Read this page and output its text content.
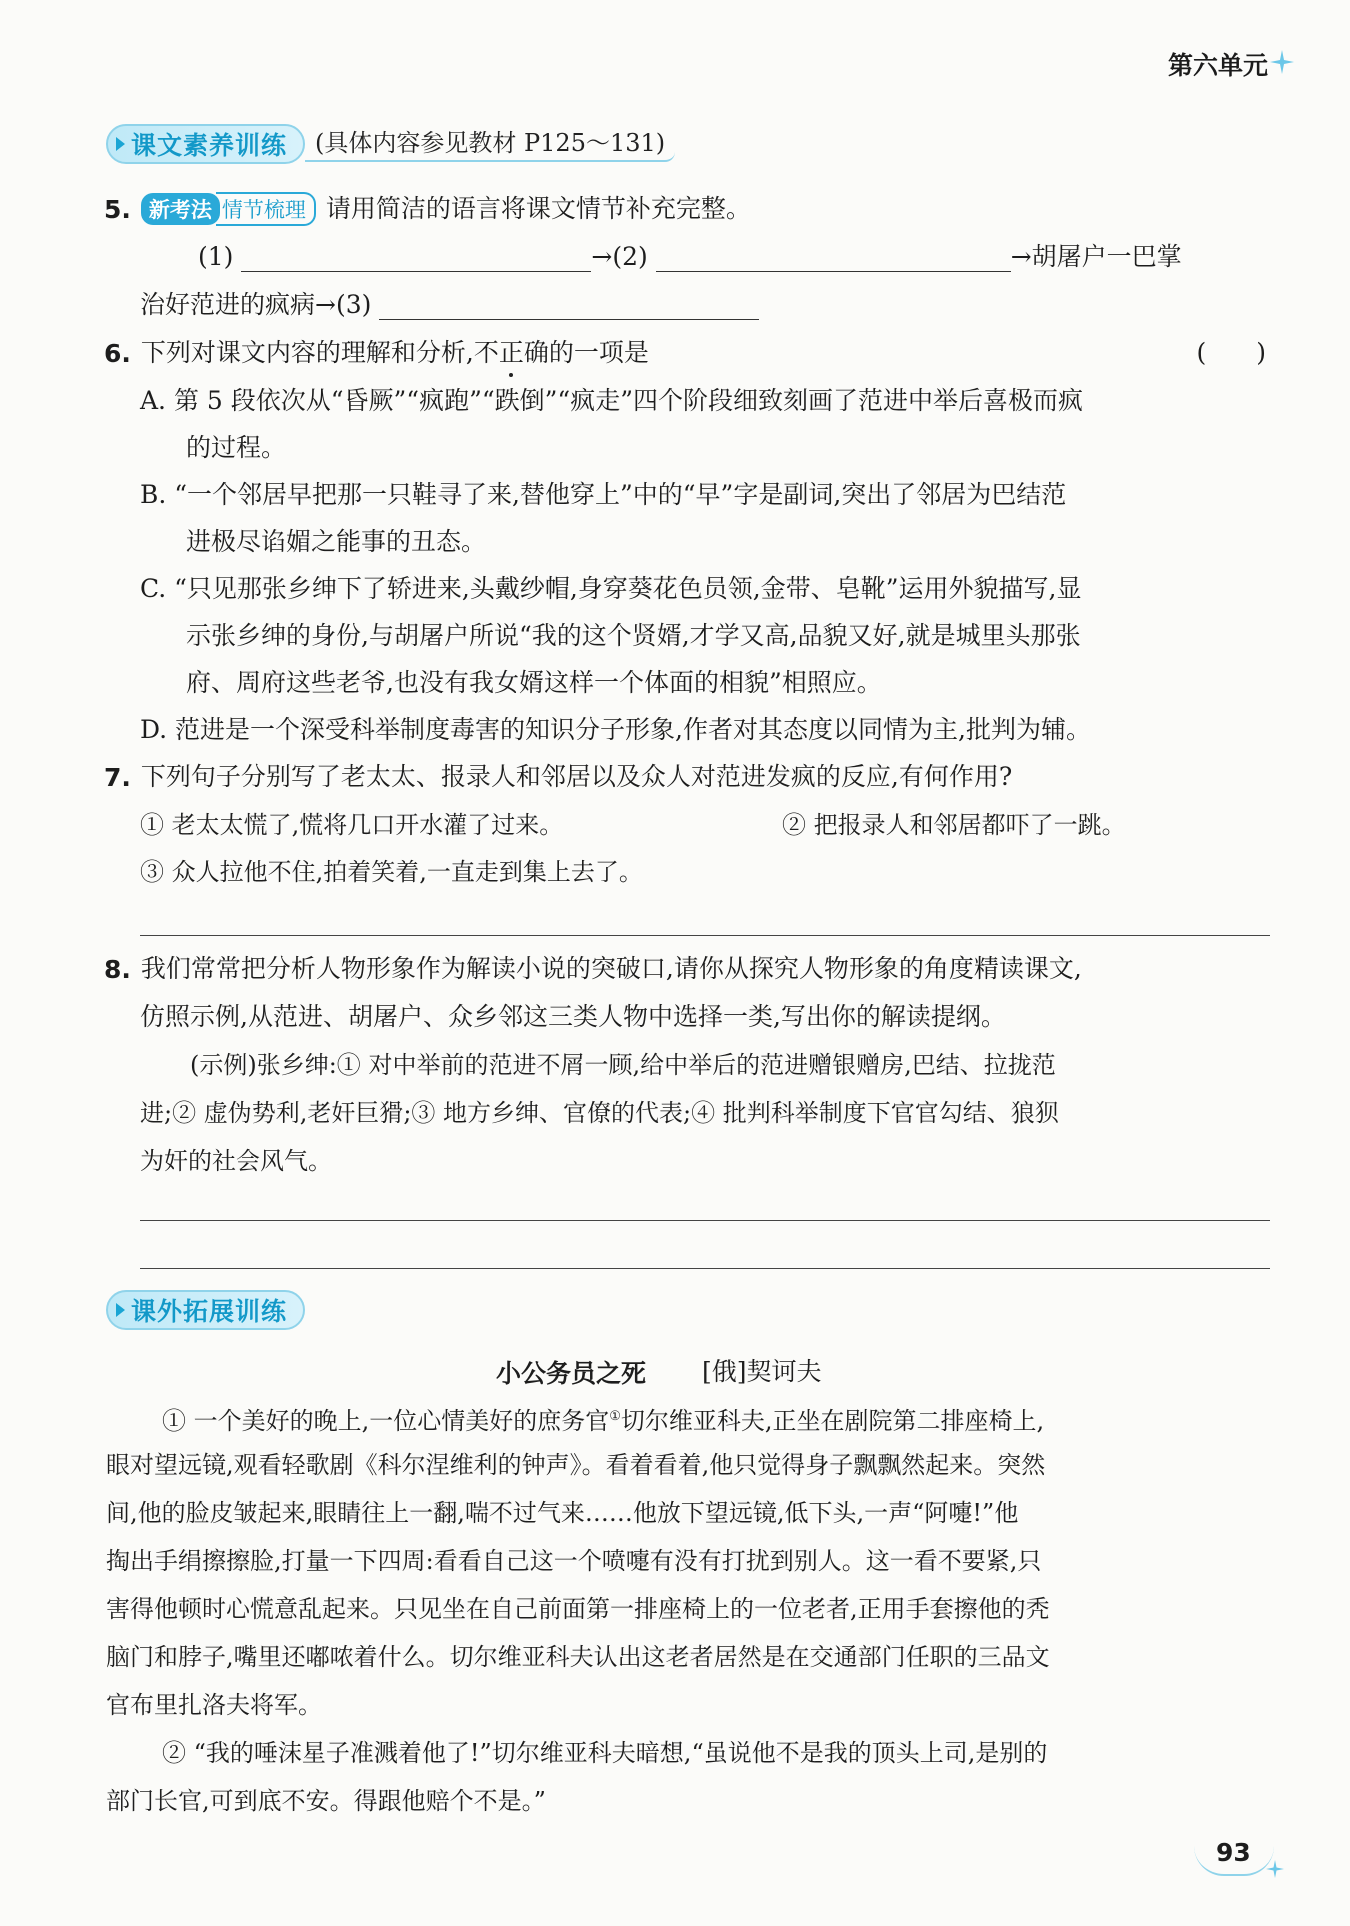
第六单元
课文素养训练	(具体内容参见教材 P125～131)
5. 新考法 情节梳理 请用简洁的语言将课文情节补充完整。
(1)	→(2)	→胡屠户一巴掌
治好范进的疯病→(3)
6. 下列对课文内容的理解和分析,不正确的一项是	(　　)
A. 第 5 段依次从“昏厥”“疯跑”“跌倒”“疯走”四个阶段细致刻画了范进中举后喜极而疯
的过程。
B. “一个邻居早把那一只鞋寻了来,替他穿上”中的“早”字是副词,突出了邻居为巴结范
进极尽谄媚之能事的丑态。
C. “只见那张乡绅下了轿进来,头戴纱帽,身穿葵花色员领,金带、皂靴”运用外貌描写,显
示张乡绅的身份,与胡屠户所说“我的这个贤婿,才学又高,品貌又好,就是城里头那张
府、周府这些老爷,也没有我女婿这样一个体面的相貌”相照应。
D. 范进是一个深受科举制度毒害的知识分子形象,作者对其态度以同情为主,批判为辅。
7. 下列句子分别写了老太太、报录人和邻居以及众人对范进发疯的反应,有何作用?
① 老太太慌了,慌将几口开水灌了过来。	② 把报录人和邻居都吓了一跳。
③ 众人拉他不住,拍着笑着,一直走到集上去了。
8. 我们常常把分析人物形象作为解读小说的突破口,请你从探究人物形象的角度精读课文,
仿照示例,从范进、胡屠户、众乡邻这三类人物中选择一类,写出你的解读提纲。
(示例)张乡绅:① 对中举前的范进不屑一顾,给中举后的范进赠银赠房,巴结、拉拢范
进;② 虚伪势利,老奸巨猾;③ 地方乡绅、官僚的代表;④ 批判科举制度下官官勾结、狼狈
为奸的社会风气。
课外拓展训练
小公务员之死 [俄]契诃夫
① 一个美好的晚上,一位心情美好的庶务官①切尔维亚科夫,正坐在剧院第二排座椅上,
眼对望远镜,观看轻歌剧《科尔涅维利的钟声》。看着看着,他只觉得身子飘飘然起来。突然
间,他的脸皮皱起来,眼睛往上一翻,喘不过气来……他放下望远镜,低下头,一声“阿嚏!”他
掏出手绢擦擦脸,打量一下四周:看看自己这一个喷嚏有没有打扰到别人。这一看不要紧,只
害得他顿时心慌意乱起来。只见坐在自己前面第一排座椅上的一位老者,正用手套擦他的秃
脑门和脖子,嘴里还嘟哝着什么。切尔维亚科夫认出这老者居然是在交通部门任职的三品文
官布里扎洛夫将军。
② “我的唾沫星子准溅着他了!”切尔维亚科夫暗想,“虽说他不是我的顶头上司,是别的
部门长官,可到底不安。得跟他赔个不是。”
93
